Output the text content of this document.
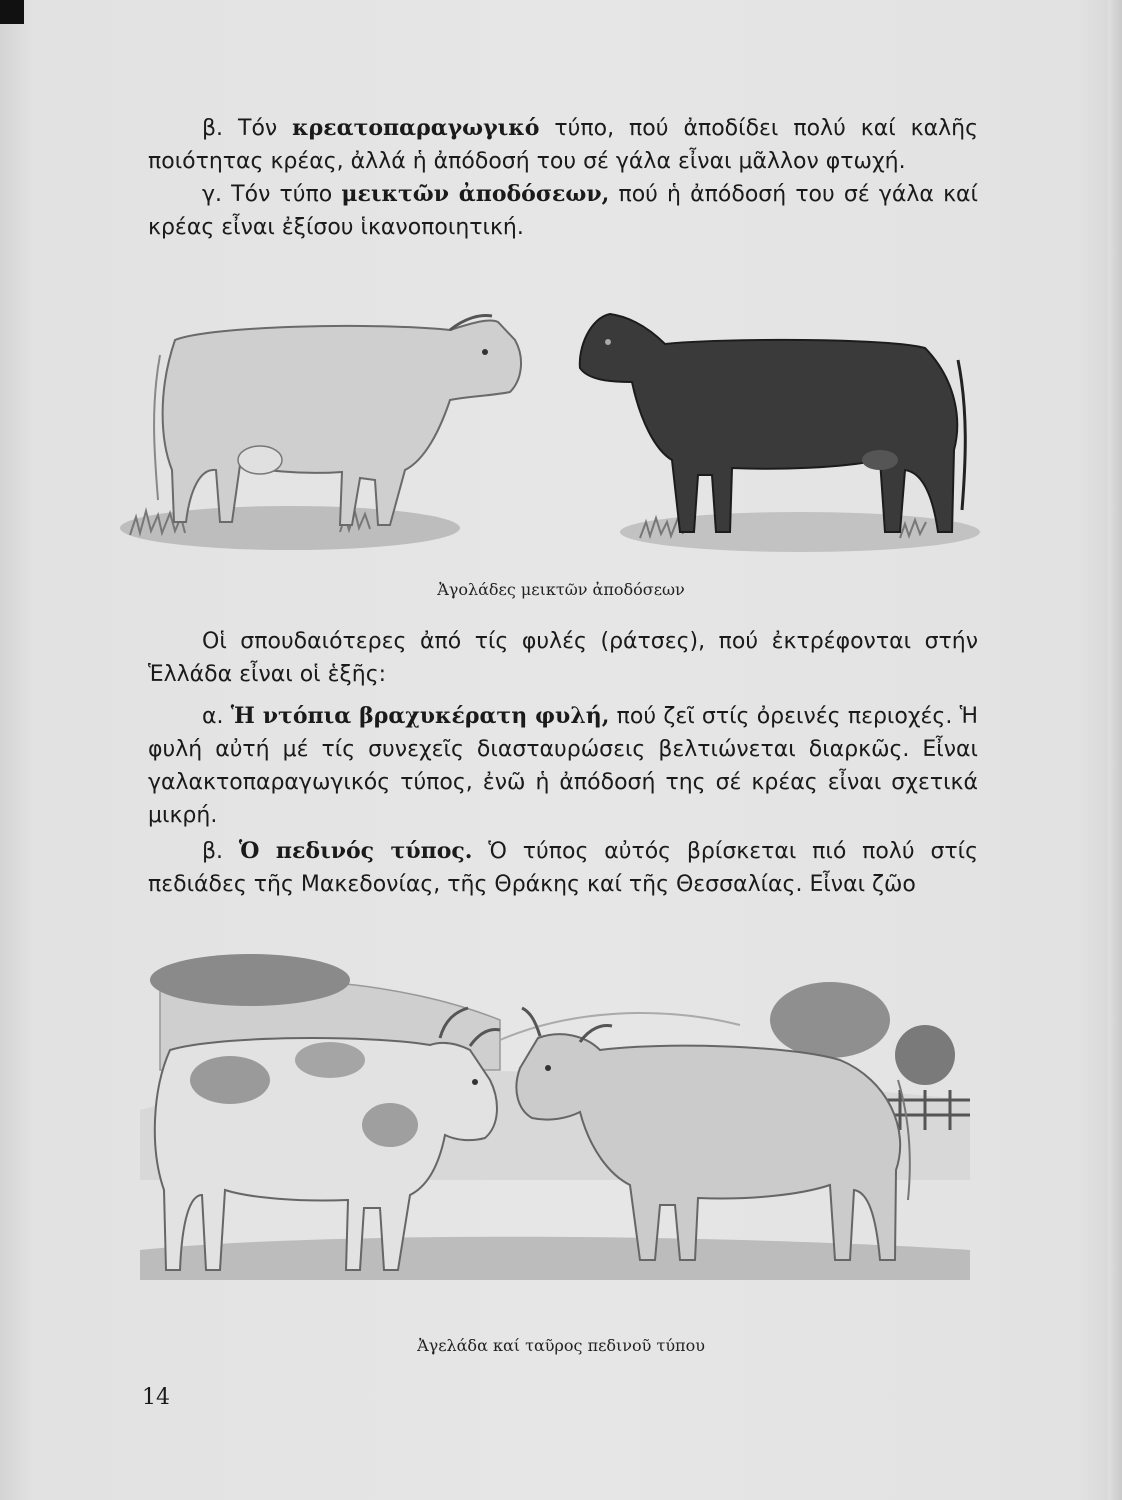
β. Τόν κρεατοπαραγωγικό τύπο, πού ἀποδίδει πολύ καί καλῆς ποιότητας κρέας, ἀλλά ἡ ἀπόδοσή του σέ γάλα εἶναι μᾶλλον φτωχή.

γ. Τόν τύπο μεικτῶν ἀποδόσεων, πού ἡ ἀπόδοσή του σέ γάλα καί κρέας εἶναι ἐξίσου ἱκανοποιητική.

Ἀγολάδες μεικτῶν ἀποδόσεων

Οἱ σπουδαιότερες ἀπό τίς φυλές (ράτσες), πού ἐκτρέφονται στήν Ἑλλάδα εἶναι οἱ ἑξῆς:

α. Ἡ ντόπια βραχυκέρατη φυλή, πού ζεῖ στίς ὀρεινές περιοχές. Ἡ φυλή αὐτή μέ τίς συνεχεῖς διασταυρώσεις βελτιώνεται διαρκῶς. Εἶναι γαλακτοπαραγωγικός τύπος, ἐνῶ ἡ ἀπόδοσή της σέ κρέας εἶναι σχετικά μικρή.

β. Ὁ πεδινός τύπος. Ὁ τύπος αὐτός βρίσκεται πιό πολύ στίς πεδιάδες τῆς Μακεδονίας, τῆς Θράκης καί τῆς Θεσσαλίας. Εἶναι ζῶο

Ἀγελάδα καί ταῦρος πεδινοῦ τύπου
14
